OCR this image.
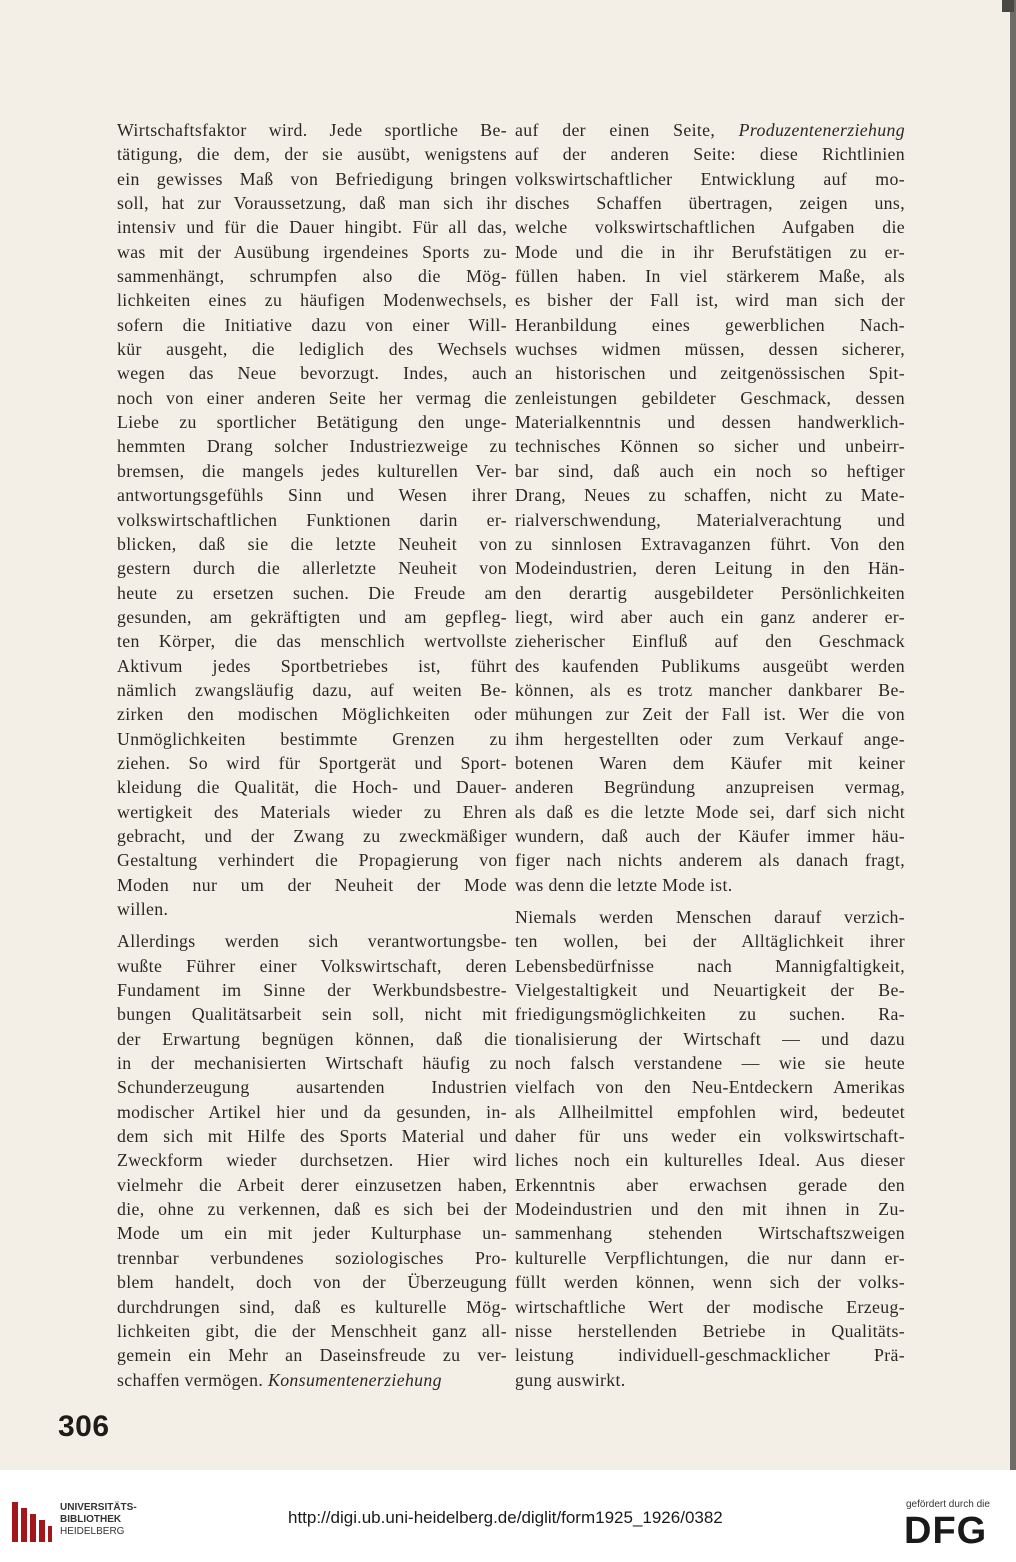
Wirtschaftsfaktor wird. Jede sportliche Be-
tätigung, die dem, der sie ausübt, wenigstens
ein gewisses Maß von Befriedigung bringen
soll, hat zur Voraussetzung, daß man sich ihr
intensiv und für die Dauer hingibt. Für all das,
was mit der Ausübung irgendeines Sports zu-
sammenhängt, schrumpfen also die Mög-
lichkeiten eines zu häufigen Modenwechsels,
sofern die Initiative dazu von einer Will-
kür ausgeht, die lediglich des Wechsels
wegen das Neue bevorzugt. Indes, auch
noch von einer anderen Seite her vermag die
Liebe zu sportlicher Betätigung den unge-
hemmten Drang solcher Industriezweige zu
bremsen, die mangels jedes kulturellen Ver-
antwortungsgefühls Sinn und Wesen ihrer
volkswirtschaftlichen Funktionen darin er-
blicken, daß sie die letzte Neuheit von
gestern durch die allerletzte Neuheit von
heute zu ersetzen suchen. Die Freude am
gesunden, am gekräftigten und am gepfleg-
ten Körper, die das menschlich wertvollste
Aktivum jedes Sportbetriebes ist, führt
nämlich zwangsläufig dazu, auf weiten Be-
zirken den modischen Möglichkeiten oder
Unmöglichkeiten bestimmte Grenzen zu
ziehen. So wird für Sportgerät und Sport-
kleidung die Qualität, die Hoch- und Dauer-
wertigkeit des Materials wieder zu Ehren
gebracht, und der Zwang zu zweckmäßiger
Gestaltung verhindert die Propagierung von
Moden nur um der Neuheit der Mode
willen.
Allerdings werden sich verantwortungsbe-
wußte Führer einer Volkswirtschaft, deren
Fundament im Sinne der Werkbundsbestre-
bungen Qualitätsarbeit sein soll, nicht mit
der Erwartung begnügen können, daß die
in der mechanisierten Wirtschaft häufig zu
Schunderzeugung ausartenden Industrien
modischer Artikel hier und da gesunden, in-
dem sich mit Hilfe des Sports Material und
Zweckform wieder durchsetzen. Hier wird
vielmehr die Arbeit derer einzusetzen haben,
die, ohne zu verkennen, daß es sich bei der
Mode um ein mit jeder Kulturphase un-
trennbar verbundenes soziologisches Pro-
blem handelt, doch von der Überzeugung
durchdrungen sind, daß es kulturelle Mög-
lichkeiten gibt, die der Menschheit ganz all-
gemein ein Mehr an Daseinsfreude zu ver-
schaffen vermögen. Konsumentenerziehung
auf der einen Seite, Produzentenerziehung
auf der anderen Seite: diese Richtlinien
volkswirtschaftlicher Entwicklung auf mo-
disches Schaffen übertragen, zeigen uns,
welche volkswirtschaftlichen Aufgaben die
Mode und die in ihr Berufstätigen zu er-
füllen haben. In viel stärkerem Maße, als
es bisher der Fall ist, wird man sich der
Heranbildung eines gewerblichen Nach-
wuchses widmen müssen, dessen sicherer,
an historischen und zeitgenössischen Spit-
zenleistungen gebildeter Geschmack, dessen
Materialkenntnis und dessen handwerklich-
technisches Können so sicher und unbeirr-
bar sind, daß auch ein noch so heftiger
Drang, Neues zu schaffen, nicht zu Mate-
rialverschwendung, Materialverachtung und
zu sinnlosen Extravaganzen führt. Von den
Modeindustrien, deren Leitung in den Hän-
den derartig ausgebildeter Persönlichkeiten
liegt, wird aber auch ein ganz anderer er-
zieherischer Einfluß auf den Geschmack
des kaufenden Publikums ausgeübt werden
können, als es trotz mancher dankbarer Be-
mühungen zur Zeit der Fall ist. Wer die von
ihm hergestellten oder zum Verkauf ange-
botenen Waren dem Käufer mit keiner
anderen Begründung anzupreisen vermag,
als daß es die letzte Mode sei, darf sich nicht
wundern, daß auch der Käufer immer häu-
figer nach nichts anderem als danach fragt,
was denn die letzte Mode ist.
Niemals werden Menschen darauf verzich-
ten wollen, bei der Alltäglichkeit ihrer
Lebensbedürfnisse nach Mannigfaltigkeit,
Vielgestaltigkeit und Neuartigkeit der Be-
friedigungsmöglichkeiten zu suchen. Ra-
tionalisierung der Wirtschaft — und dazu
noch falsch verstandene — wie sie heute
vielfach von den Neu-Entdeckern Amerikas
als Allheilmittel empfohlen wird, bedeutet
daher für uns weder ein volkswirtschaft-
liches noch ein kulturelles Ideal. Aus dieser
Erkenntnis aber erwachsen gerade den
Modeindustrien und den mit ihnen in Zu-
sammenhang stehenden Wirtschaftszweigen
kulturelle Verpflichtungen, die nur dann er-
füllt werden können, wenn sich der volks-
wirtschaftliche Wert der modische Erzeug-
nisse herstellenden Betriebe in Qualitäts-
leistung individuell-geschmacklicher Prä-
gung auswirkt.
306
UNIVERSITÄTS-
BIBLIOTHEK
HEIDELBERG
http://digi.ub.uni-heidelberg.de/diglit/form1925_1926/0382
gefördert durch die
DFG
